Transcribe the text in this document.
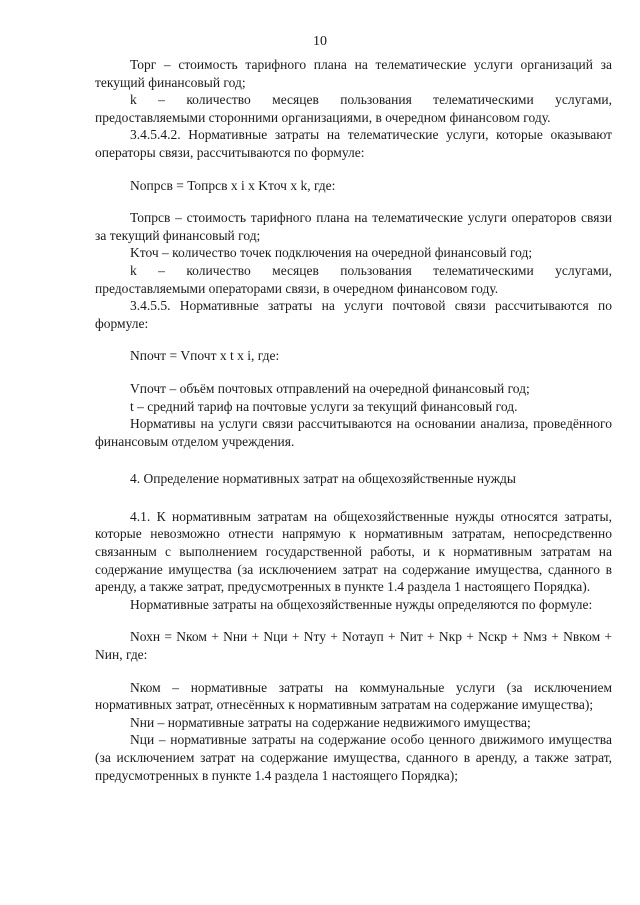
10

Торг – стоимость тарифного плана на телематические услуги организаций за текущий финансовый год;

k – количество месяцев пользования телематическими услугами, предоставляемыми сторонними организациями, в очередном финансовом году.

3.4.5.4.2. Нормативные затраты на телематические услуги, которые оказывают операторы связи, рассчитываются по формуле:

Nопрсв = Топрсв x i x Kточ x k, где:

Топрсв – стоимость тарифного плана на телематические услуги операторов связи за текущий финансовый год;

Kточ – количество точек подключения на очередной финансовый год;

k – количество месяцев пользования телематическими услугами, предоставляемыми операторами связи, в очередном финансовом году.

3.4.5.5. Нормативные затраты на услуги почтовой связи рассчитываются по формуле:

Nпочт = Vпочт x t x i, где:

Vпочт – объём почтовых отправлений на очередной финансовый год;

t – средний тариф на почтовые услуги за текущий финансовый год.

Нормативы на услуги связи рассчитываются на основании анализа, проведённого финансовым отделом учреждения.

4. Определение нормативных затрат на общехозяйственные нужды

4.1. К нормативным затратам на общехозяйственные нужды относятся затраты, которые невозможно отнести напрямую к нормативным затратам, непосредственно связанным с выполнением государственной работы, и к нормативным затратам на содержание имущества (за исключением затрат на содержание имущества, сданного в аренду, а также затрат, предусмотренных в пункте 1.4 раздела 1 настоящего Порядка).

Нормативные затраты на общехозяйственные нужды определяются по формуле:

Nохн = Nком + Nни + Nци + Nту + Nотауп + Nит + Nкр + Nскр + Nмз + Nвком + Nин, где:

Nком – нормативные затраты на коммунальные услуги (за исключением нормативных затрат, отнесённых к нормативным затратам на содержание имущества);

Nни – нормативные затраты на содержание недвижимого имущества;

Nци – нормативные затраты на содержание особо ценного движимого имущества (за исключением затрат на содержание имущества, сданного в аренду, а также затрат, предусмотренных в пункте 1.4 раздела 1 настоящего Порядка);
